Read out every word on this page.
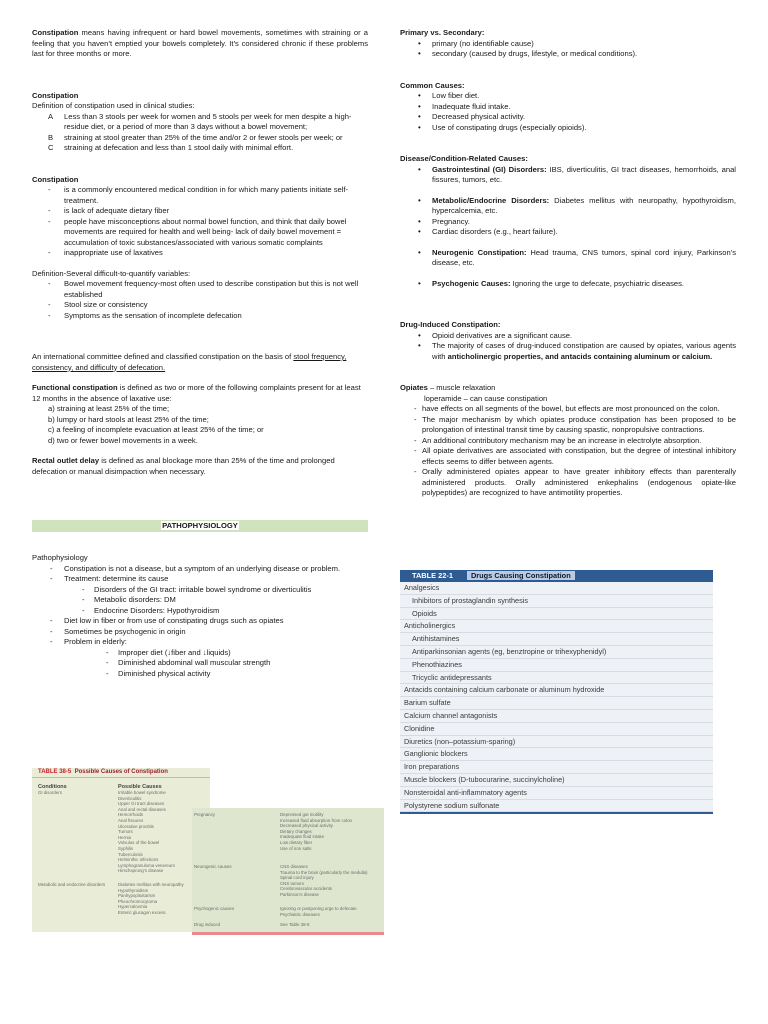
Constipation means having infrequent or hard bowel movements, sometimes with straining or a feeling that you haven’t emptied your bowels completely. It’s considered chronic if these problems last for three months or more.

Constipation

Definition of constipation used in clinical studies:

A Less than 3 stools per week for women and 5 stools per week for men despite a high-residue diet, or a period of more than 3 days without a bowel movement;
B straining at stool greater than 25% of the time and/or 2 or fewer stools per week; or
C straining at defecation and less than 1 stool daily with minimal effort.

Constipation

- is a commonly encountered medical condition in for which many patients initiate self-treatment.
- is lack of adequate dietary fiber
- people have misconceptions about normal bowel function, and think that daily bowel movements are required for health and well being- lack of daily bowel movement = accumulation of toxic substances/associated with various somatic complaints
- inappropriate use of laxatives

Definition-Several difficult-to-quantify variables:

- Bowel movement frequency-most often used to describe constipation but this is not well established
- Stool size or consistency
- Symptoms as the sensation of incomplete defecation

An international committee defined and classified constipation on the basis of stool frequency, consistency, and difficulty of defecation.

Functional constipation is defined as two or more of the following complaints present for at least 12 months in the absence of laxative use:

a) straining at least 25% of the time;
b) lumpy or hard stools at least 25% of the time;
c) a feeling of incomplete evacuation at least 25% of the time; or
d) two or fewer bowel movements in a week.

Rectal outlet delay is defined as anal blockage more than 25% of the time and prolonged defecation or manual disimpaction when necessary.

PATHOPHYSIOLOGY

Pathophysiology

- Constipation is not a disease, but a symptom of an underlying disease or problem.
- Treatment: determine its cause
- Disorders of the GI tract: irritable bowel syndrome or diverticulitis
- Metabolic disorders: DM
- Endocrine Disorders: Hypothyroidism
- Diet low in fiber or from use of constipating drugs such as opiates
- Sometimes be psychogenic in origin
- Problem in elderly:
- Improper diet (↓fiber and ↓liquids)
- Diminished abdominal wall muscular strength
- Diminished physical activity

Primary vs. Secondary:

• primary (no identifiable cause)
• secondary (caused by drugs, lifestyle, or medical conditions).

Common Causes:

• Low fiber diet.
• Inadequate fluid intake.
• Decreased physical activity.
• Use of constipating drugs (especially opioids).

Disease/Condition-Related Causes:

• Gastrointestinal (GI) Disorders: IBS, diverticulitis, GI tract diseases, hemorrhoids, anal fissures, tumors, etc.
• Metabolic/Endocrine Disorders: Diabetes mellitus with neuropathy, hypothyroidism, hypercalcemia, etc.
• Pregnancy.
• Cardiac disorders (e.g., heart failure).
• Neurogenic Constipation: Head trauma, CNS tumors, spinal cord injury, Parkinson’s disease, etc.
• Psychogenic Causes: Ignoring the urge to defecate, psychiatric diseases.

Drug-Induced Constipation:

• Opioid derivatives are a significant cause.
• The majority of cases of drug-induced constipation are caused by opiates, various agents with anticholinergic properties, and antacids containing aluminum or calcium.

Opiates – muscle relaxation

loperamide – can cause constipation

- have effects on all segments of the bowel, but effects are most pronounced on the colon.
- The major mechanism by which opiates produce constipation has been proposed to be prolongation of intestinal transit time by causing spastic, nonpropulsive contractions.
- An additional contributory mechanism may be an increase in electrolyte absorption.
- All opiate derivatives are associated with constipation, but the degree of intestinal inhibitory effects seems to differ between agents.
- Orally administered opiates appear to have greater inhibitory effects than parenterally administered products. Orally administered enkephalins (endogenous opiate-like polypeptides) are recognized to have antimotility properties.
TABLE 22-1 Drugs Causing Constipation
Analgesics
Inhibitors of prostaglandin synthesis
Opioids
Anticholinergics
Antihistamines
Antiparkinsonian agents (eg, benztropine or trihexyphenidyl)
Phenothiazines
Tricyclic antidepressants
Antacids containing calcium carbonate or aluminum hydroxide
Barium sulfate
Calcium channel antagonists
Clonidine
Diuretics (non–potassium-sparing)
Ganglionic blockers
Iron preparations
Muscle blockers (D-tubocurarine, succinylcholine)
Nonsteroidal anti-inflammatory agents
Polystyrene sodium sulfonate
TABLE 38-5 Possible Causes of Constipation
Conditions	Possible Causes
GI disorders	Irritable bowel syndrome
Diverticulitis
Upper GI tract diseases
Anal and rectal diseases
Hemorrhoids
Anal fissures
Ulcerative proctitis
Tumors
Hernia
Volvulus of the bowel
Syphilis
Tuberculosis
Helminthic infections
Lymphogranuloma venereum
Hirschsprung’s disease
Metabolic and endocrine disorders	Diabetes mellitus with neuropathy
Hypothyroidism
Panhypopituitarism
Pheochromocytoma
Hypercalcemia
Enteric glucagon excess
Pregnancy	Depressed gut motility
Increased fluid absorption from colon
Decreased physical activity
Dietary changes
Inadequate fluid intake
Low dietary fiber
Use of iron salts
Neurogenic causes	CNS diseases
Trauma to the brain (particularly the medulla)
Spinal cord injury
CNS tumors
Cerebrovascular accidents
Parkinson’s disease
Psychogenic causes	Ignoring or postponing urge to defecate
Psychiatric diseases
Drug induced	See Table 38-6
